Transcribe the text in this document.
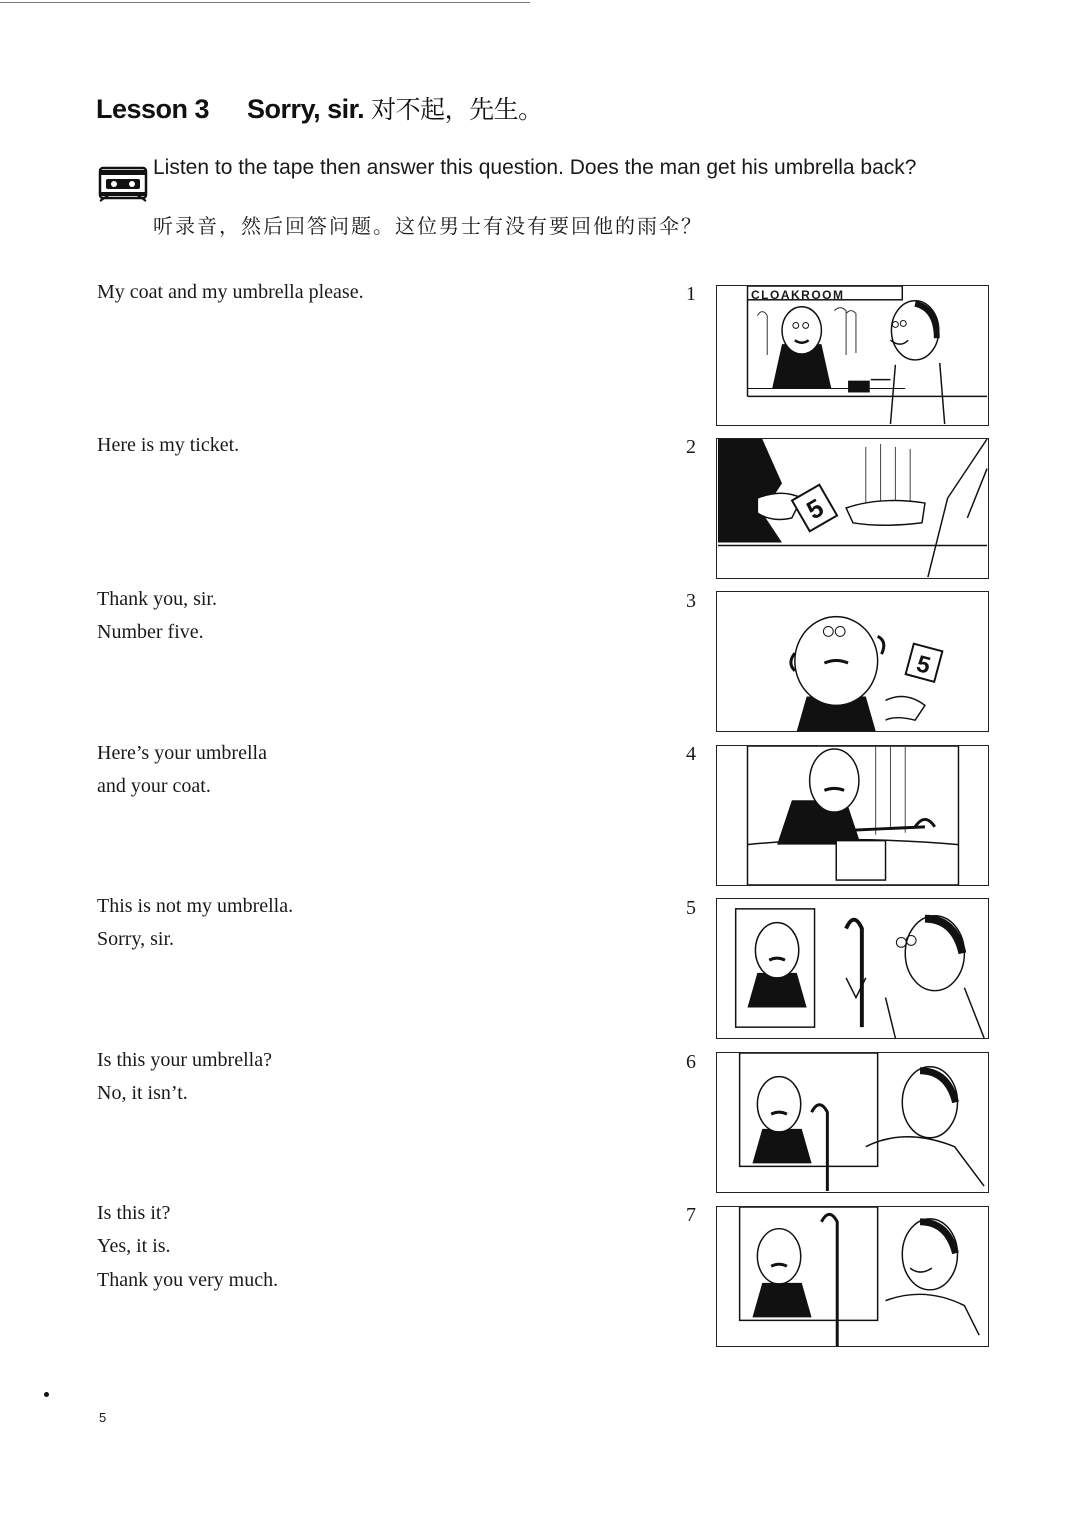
Lesson 3 Sorry, sir. 对不起，先生。
Listen to the tape then answer this question. Does the man get his umbrella back?
听录音，然后回答问题。这位男士有没有要回他的雨伞？
My coat and my umbrella please.	1	CLOAKROOM
Here is my ticket.	2
5
Thank you, sir.
Number five.
3
5
Here’s your umbrella
and your coat.
4
This is not my umbrella.
Sorry, sir.
5
Is this your umbrella?
No, it isn’t.
6
Is this it?
Yes, it is.
Thank you very much.
7
5
